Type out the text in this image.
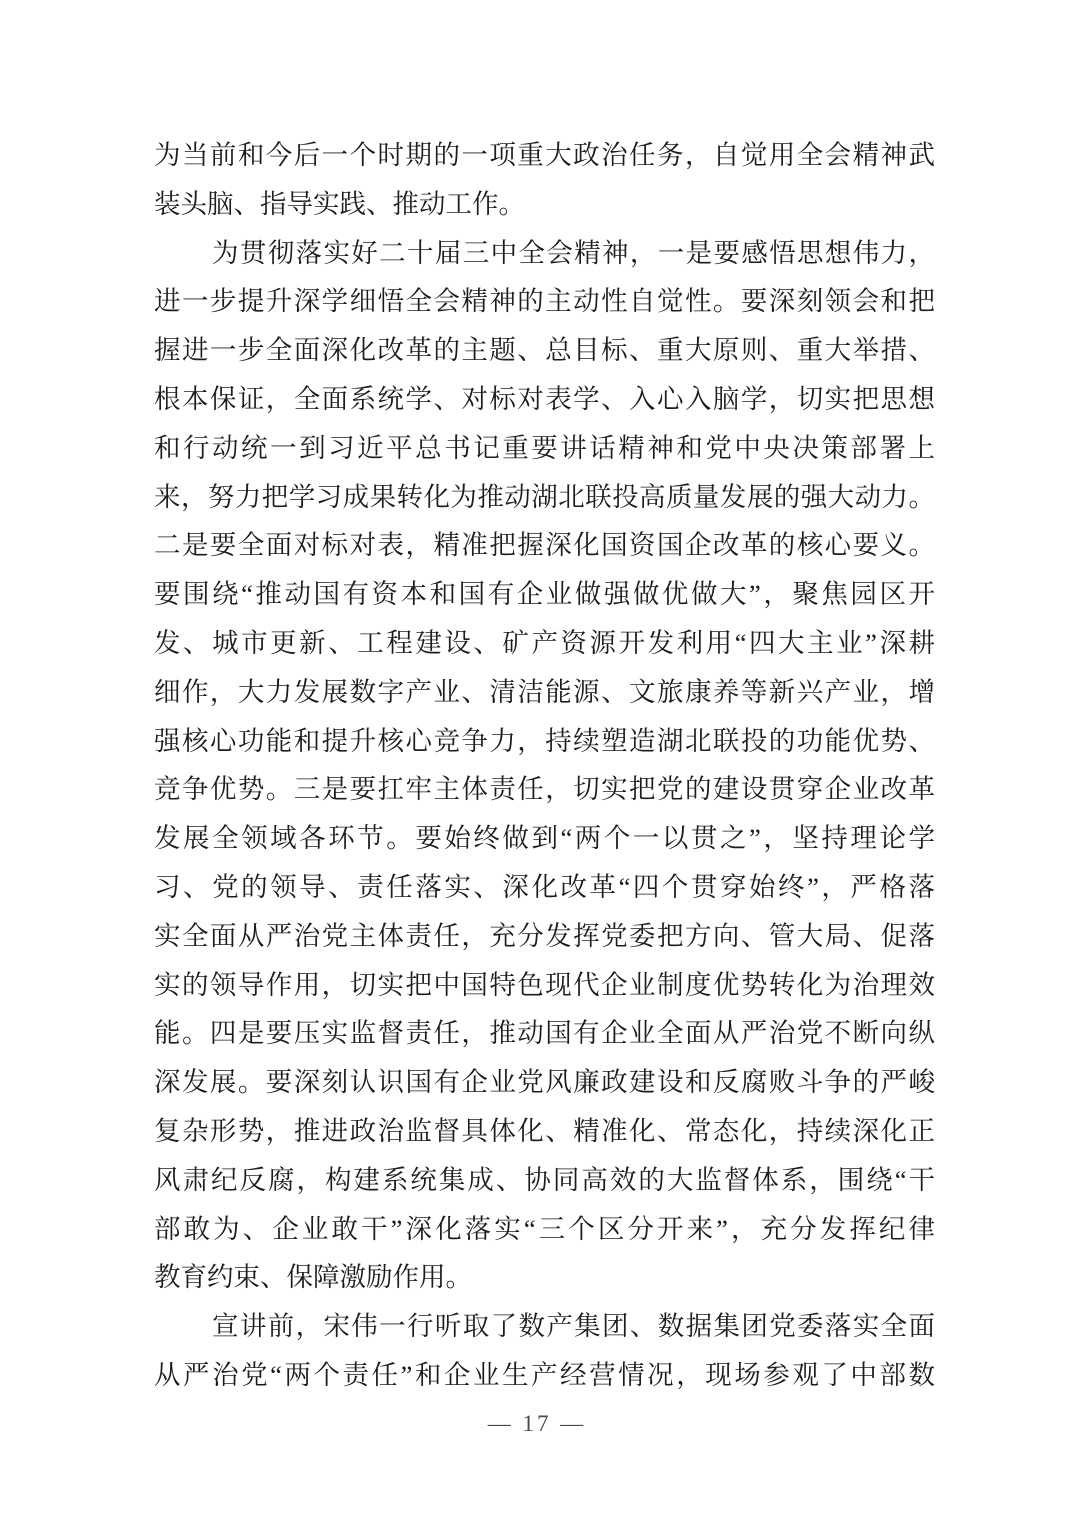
为当前和今后一个时期的一项重大政治任务，自觉用全会精神武
装头脑、指导实践、推动工作。
为贯彻落实好二十届三中全会精神，一是要感悟思想伟力，
进一步提升深学细悟全会精神的主动性自觉性。要深刻领会和把
握进一步全面深化改革的主题、总目标、重大原则、重大举措、
根本保证，全面系统学、对标对表学、入心入脑学，切实把思想
和行动统一到习近平总书记重要讲话精神和党中央决策部署上
来，努力把学习成果转化为推动湖北联投高质量发展的强大动力。
二是要全面对标对表，精准把握深化国资国企改革的核心要义。
要围绕“推动国有资本和国有企业做强做优做大”，聚焦园区开
发、城市更新、工程建设、矿产资源开发利用“四大主业”深耕
细作，大力发展数字产业、清洁能源、文旅康养等新兴产业，增
强核心功能和提升核心竞争力，持续塑造湖北联投的功能优势、
竞争优势。三是要扛牢主体责任，切实把党的建设贯穿企业改革
发展全领域各环节。要始终做到“两个一以贯之”，坚持理论学
习、党的领导、责任落实、深化改革“四个贯穿始终”，严格落
实全面从严治党主体责任，充分发挥党委把方向、管大局、促落
实的领导作用，切实把中国特色现代企业制度优势转化为治理效
能。四是要压实监督责任，推动国有企业全面从严治党不断向纵
深发展。要深刻认识国有企业党风廉政建设和反腐败斗争的严峻
复杂形势，推进政治监督具体化、精准化、常态化，持续深化正
风肃纪反腐，构建系统集成、协同高效的大监督体系，围绕“干
部敢为、企业敢干”深化落实“三个区分开来”，充分发挥纪律
教育约束、保障激励作用。
宣讲前，宋伟一行听取了数产集团、数据集团党委落实全面
从严治党“两个责任”和企业生产经营情况，现场参观了中部数
— 17 —
